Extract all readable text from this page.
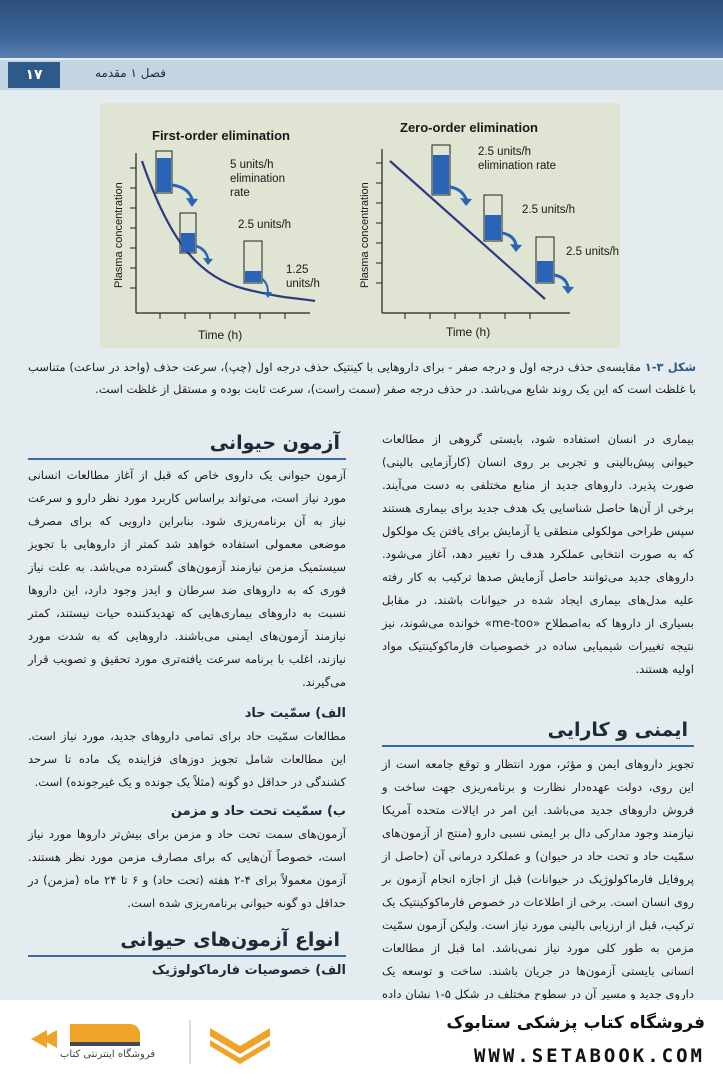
۱۷	فصل ۱ مقدمه
First-order elimination
Plasma concentration
Time (h)
5 units/h
elimination
rate
2.5 units/h
1.25
units/h
Zero-order elimination
Plasma concentration
Time (h)
2.5 units/h
elimination rate
2.5 units/h
2.5 units/h
شکل ۳-۱ مقایسه‌ی حذف درجه اول و درجه صفر - برای داروهایی با کینتیک حذف درجه اول (چپ)، سرعت حذف (واحد در ساعت) متناسب با غلظت است که این یک روند شایع می‌باشد. در حذف درجه صفر (سمت راست)، سرعت ثابت بوده و مستقل از غلظت است.

بیماری در انسان استفاده شود، بایستی گروهی از مطالعات حیوانی پیش‌بالینی و تجربی بر روی انسان (کارآزمایی بالینی) صورت پذیرد. داروهای جدید از منابع مختلفی به دست می‌آیند. برخی از آن‌ها حاصل شناسایی یک هدف جدید برای بیماری هستند سپس طراحی مولکولی منطقی یا آزمایش برای یافتن یک مولکول که به صورت انتخابی عملکرد هدف را تغییر دهد، آغاز می‌شود. داروهای جدید می‌توانند حاصل آزمایش صدها ترکیب به کار رفته علیه مدل‌های بیماری ایجاد شده در حیوانات باشند. در مقابل بسیاری از داروها که به‌اصطلاح «me-too» خوانده می‌شوند، نیز نتیجه تغییرات شیمیایی ساده در خصوصیات فارماکوکینتیک مواد اولیه هستند.

ایمنی و کارایی

تجویز داروهای ایمن و مؤثر، مورد انتظار و توقع جامعه است از این روی، دولت عهده‌دار نظارت و برنامه‌ریزی جهت ساخت و فروش داروهای جدید می‌باشد. این امر در ایالات متحده آمریکا نیازمند وجود مدارکی دال بر ایمنی نسبی دارو (منتج از آزمون‌های سمّیت حاد و تحت حاد در حیوان) و عملکرد درمانی آن (حاصل از پروفایل فارماکولوژیک در حیوانات) قبل از اجازه انجام آزمون بر روی انسان است. برخی از اطلاعات در خصوص فارماکوکینتیک یک ترکیب، قبل از ارزیابی بالینی مورد نیاز است. ولیکن آزمون سمّیت مزمن به طور کلی مورد نیاز نمی‌باشد. اما قبل از مطالعات انسانی بایستی آزمون‌ها در جریان باشند. ساخت و توسعه یک داروی جدید و مسیر آن در سطوح مختلف در شکل ۵-۱ نشان داده

آزمون حیوانی

آزمون حیوانی یک داروی خاص که قبل از آغاز مطالعات انسانی مورد نیاز است، می‌تواند براساس کاربرد مورد نظر دارو و سرعت نیاز به آن برنامه‌ریزی شود. بنابراین دارویی که برای مصرف موضعی معمولی استفاده خواهد شد کمتر از داروهایی با تجویز سیستمیک مزمن نیازمند آزمون‌های گسترده می‌باشد. به علت نیاز فوری که به داروهای ضد سرطان و ایدز وجود دارد، این داروها نسبت به داروهای بیماری‌هایی که تهدیدکننده حیات نیستند، کمتر نیازمند آزمون‌های ایمنی می‌باشند. داروهایی که به شدت مورد نیازند، اغلب با برنامه سرعت یافته‌تری مورد تحقیق و تصویب قرار می‌گیرند.

الف) سمّیت حاد

مطالعات سمّیت حاد برای تمامی داروهای جدید، مورد نیاز است. این مطالعات شامل تجویز دوزهای فزاینده یک ماده تا سرحد کشندگی در حداقل دو گونه (مثلاً یک جونده و یک غیرجونده) است.

ب) سمّیت تحت حاد و مزمن

آزمون‌های سمت تحت حاد و مزمن برای بیش‌تر داروها مورد نیاز است، خصوصاً آن‌هایی که برای مصارف مزمن مورد نظر هستند. آزمون معمولاً برای ۴-۲ هفته (تحت حاد) و ۶ تا ۲۴ ماه (مزمن) در حداقل دو گونه حیوانی برنامه‌ریزی شده است.

انواع آزمون‌های حیوانی
الف) خصوصیات فارماکولوژیک
فروشگاه اینترنتی کتاب
فروشگاه کتاب پزشکی ستابوک
WWW.SETABOOK.COM
